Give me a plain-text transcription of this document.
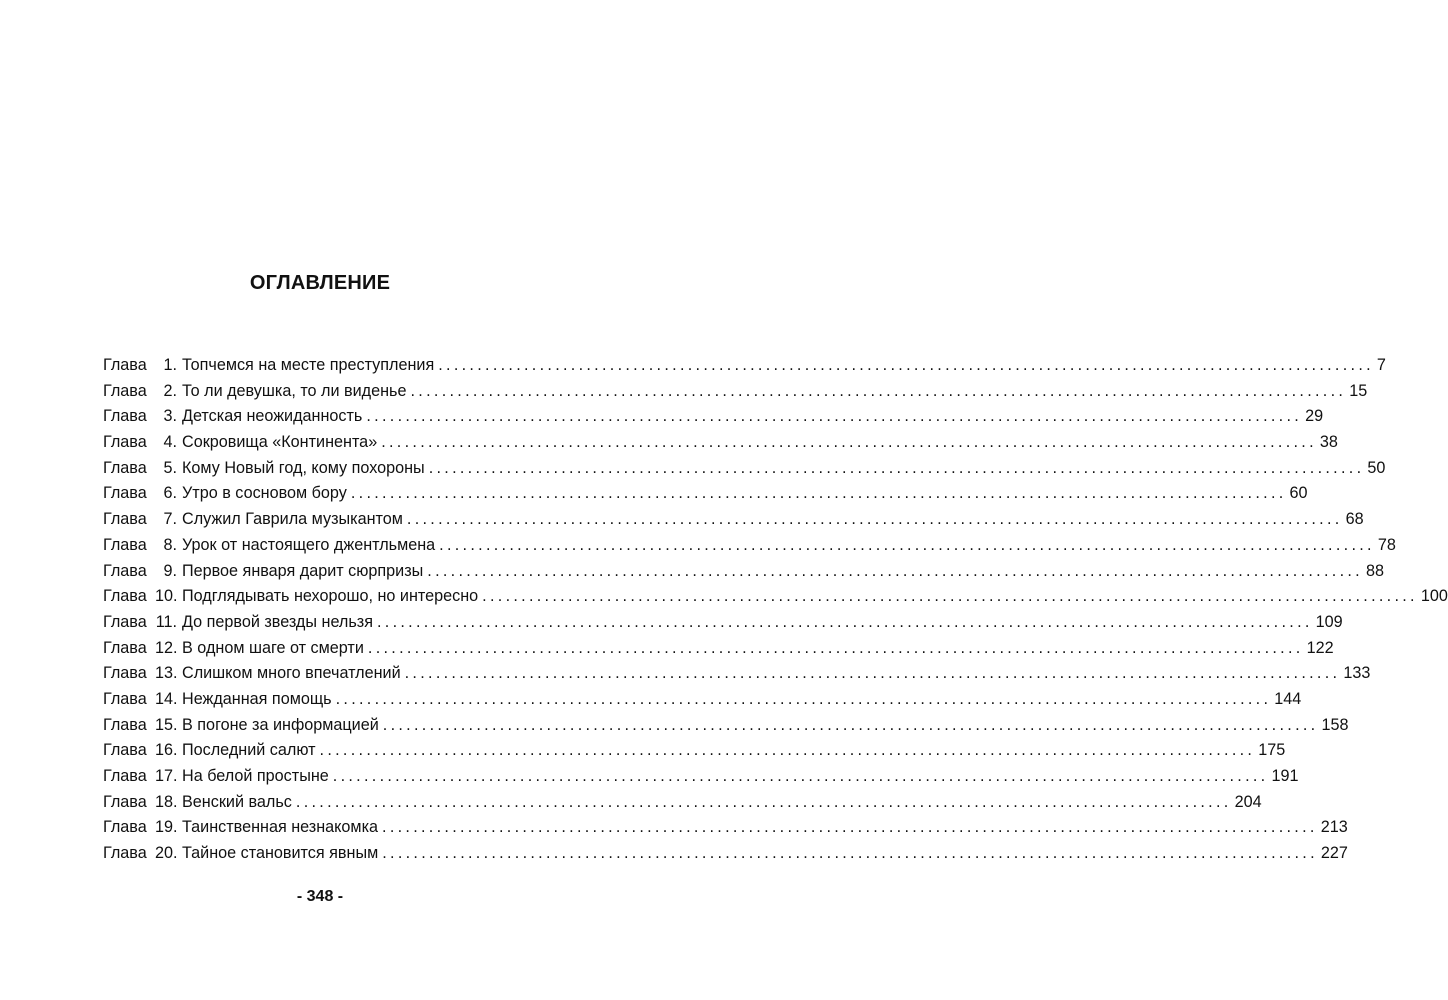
ОГЛАВЛЕНИЕ
Глава	1. Топчемся на месте преступления ........................................................................................................................ 7
Глава	2. То ли девушка, то ли виденье ........................................................................................................................ 15
Глава	3. Детская неожиданность ........................................................................................................................ 29
Глава	4. Сокровища «Континента» ........................................................................................................................ 38
Глава	5. Кому Новый год, кому похороны ........................................................................................................................ 50
Глава	6. Утро в сосновом бору ........................................................................................................................ 60
Глава	7. Служил Гаврила музыкантом ........................................................................................................................ 68
Глава	8. Урок от настоящего джентльмена ........................................................................................................................ 78
Глава	9. Первое января дарит сюрпризы ........................................................................................................................ 88
Глава 10. Подглядывать нехорошо, но интересно ........................................................................................................................ 100
Глава 11. До первой звезды нельзя ........................................................................................................................ 109
Глава 12. В одном шаге от смерти ........................................................................................................................ 122
Глава 13. Слишком много впечатлений ........................................................................................................................ 133
Глава 14. Нежданная помощь ........................................................................................................................ 144
Глава 15. В погоне за информацией ........................................................................................................................ 158
Глава 16. Последний салют ........................................................................................................................ 175
Глава 17. На белой простыне ........................................................................................................................ 191
Глава 18. Венский вальс ........................................................................................................................ 204
Глава 19. Таинственная незнакомка ........................................................................................................................ 213
Глава 20. Тайное становится явным ........................................................................................................................ 227
- 348 -
